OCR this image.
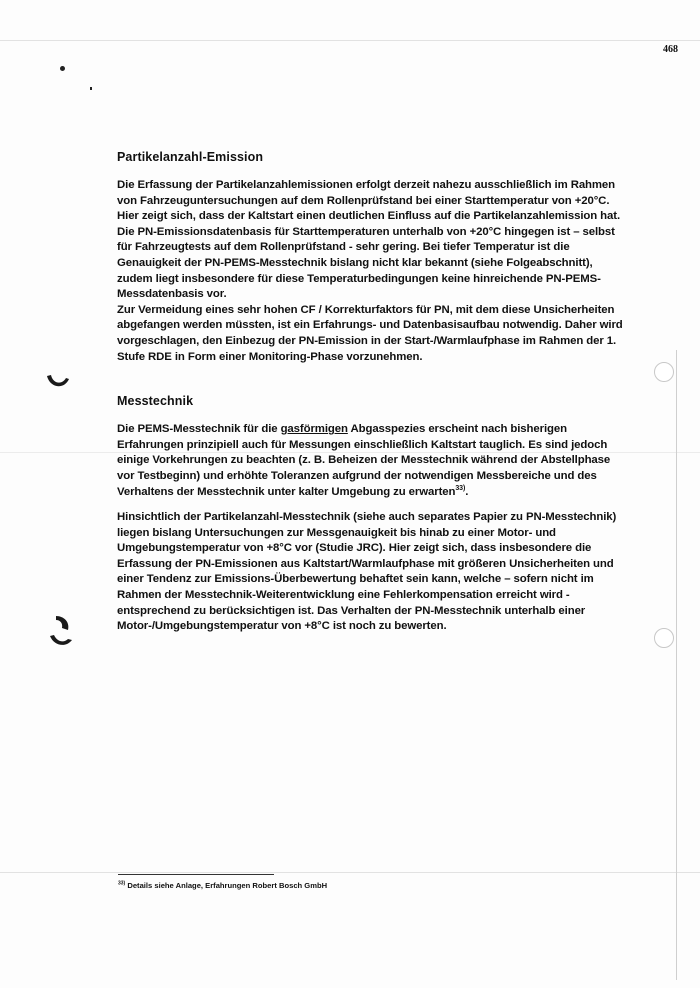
468
Partikelanzahl-Emission

Die Erfassung der Partikelanzahlemissionen erfolgt derzeit nahezu ausschließlich im Rahmen von Fahrzeuguntersuchungen auf dem Rollenprüfstand bei einer Starttemperatur von +20°C. Hier zeigt sich, dass der Kaltstart einen deutlichen Einfluss auf die Partikelanzahlemission hat. Die PN-Emissionsdatenbasis für Starttemperaturen unterhalb von +20°C hingegen ist – selbst für Fahrzeugtests auf dem Rollenprüfstand - sehr gering. Bei tiefer Temperatur ist die Genauigkeit der PN-PEMS-Messtechnik bislang nicht klar bekannt (siehe Folgeabschnitt), zudem liegt insbesondere für diese Temperaturbedingungen keine hinreichende PN-PEMS-Messdatenbasis vor.

Zur Vermeidung eines sehr hohen CF / Korrekturfaktors für PN, mit dem diese Unsicherheiten abgefangen werden müssten, ist ein Erfahrungs- und Datenbasisaufbau notwendig. Daher wird vorgeschlagen, den Einbezug der PN-Emission in der Start-/Warmlaufphase im Rahmen der 1. Stufe RDE in Form einer Monitoring-Phase vorzunehmen.

Messtechnik

Die PEMS-Messtechnik für die gasförmigen Abgasspezies erscheint nach bisherigen Erfahrungen prinzipiell auch für Messungen einschließlich Kaltstart tauglich. Es sind jedoch einige Vorkehrungen zu beachten (z. B. Beheizen der Messtechnik während der Abstellphase vor Testbeginn) und erhöhte Toleranzen aufgrund der notwendigen Messbereiche und des Verhaltens der Messtechnik unter kalter Umgebung zu erwarten$^{33)}$.

Hinsichtlich der Partikelanzahl-Messtechnik (siehe auch separates Papier zu PN-Messtechnik) liegen bislang Untersuchungen zur Messgenauigkeit bis hinab zu einer Motor- und Umgebungstemperatur von +8°C vor (Studie JRC). Hier zeigt sich, dass insbesondere die Erfassung der PN-Emissionen aus Kaltstart/Warmlaufphase mit größeren Unsicherheiten und einer Tendenz zur Emissions-Überbewertung behaftet sein kann, welche – sofern nicht im Rahmen der Messtechnik-Weiterentwicklung eine Fehlerkompensation erreicht wird - entsprechend zu berücksichtigen ist. Das Verhalten der PN-Messtechnik unterhalb einer Motor-/Umgebungstemperatur von +8°C ist noch zu bewerten.

$^{33)}$ Details siehe Anlage, Erfahrungen Robert Bosch GmbH
